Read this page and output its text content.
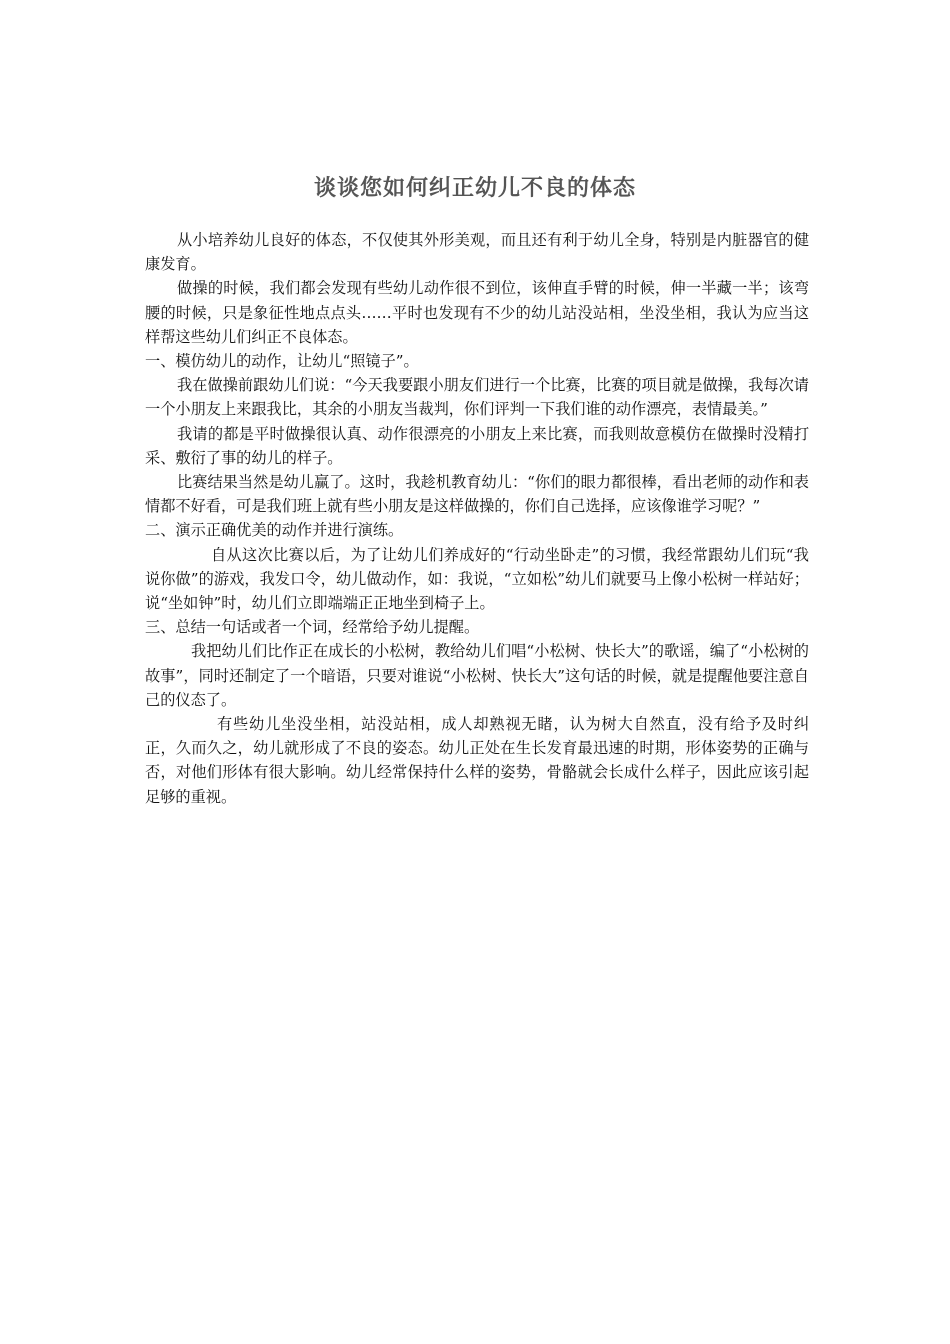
谈谈您如何纠正幼儿不良的体态

从小培养幼儿良好的体态，不仅使其外形美观，而且还有利于幼儿全身，特别是内脏器官的健康发育。

做操的时候，我们都会发现有些幼儿动作很不到位，该伸直手臂的时候，伸一半藏一半；该弯腰的时候，只是象征性地点点头……平时也发现有不少的幼儿站没站相，坐没坐相，我认为应当这样帮这些幼儿们纠正不良体态。

一、模仿幼儿的动作，让幼儿“照镜子”。

我在做操前跟幼儿们说：“今天我要跟小朋友们进行一个比赛，比赛的项目就是做操，我每次请一个小朋友上来跟我比，其余的小朋友当裁判，你们评判一下我们谁的动作漂亮，表情最美。”

我请的都是平时做操很认真、动作很漂亮的小朋友上来比赛，而我则故意模仿在做操时没精打采、敷衍了事的幼儿的样子。

比赛结果当然是幼儿赢了。这时，我趁机教育幼儿：“你们的眼力都很棒，看出老师的动作和表情都不好看，可是我们班上就有些小朋友是这样做操的，你们自己选择，应该像谁学习呢？”

二、演示正确优美的动作并进行演练。

自从这次比赛以后，为了让幼儿们养成好的“行动坐卧走”的习惯，我经常跟幼儿们玩“我说你做”的游戏，我发口令，幼儿做动作，如：我说，“立如松”幼儿们就要马上像小松树一样站好；说“坐如钟”时，幼儿们立即端端正正地坐到椅子上。

三、总结一句话或者一个词，经常给予幼儿提醒。

我把幼儿们比作正在成长的小松树，教给幼儿们唱“小松树、快长大”的歌谣，编了“小松树的故事”，同时还制定了一个暗语，只要对谁说“小松树、快长大”这句话的时候，就是提醒他要注意自己的仪态了。

有些幼儿坐没坐相，站没站相，成人却熟视无睹，认为树大自然直，没有给予及时纠正，久而久之，幼儿就形成了不良的姿态。幼儿正处在生长发育最迅速的时期，形体姿势的正确与否，对他们形体有很大影响。幼儿经常保持什么样的姿势，骨骼就会长成什么样子，因此应该引起足够的重视。
